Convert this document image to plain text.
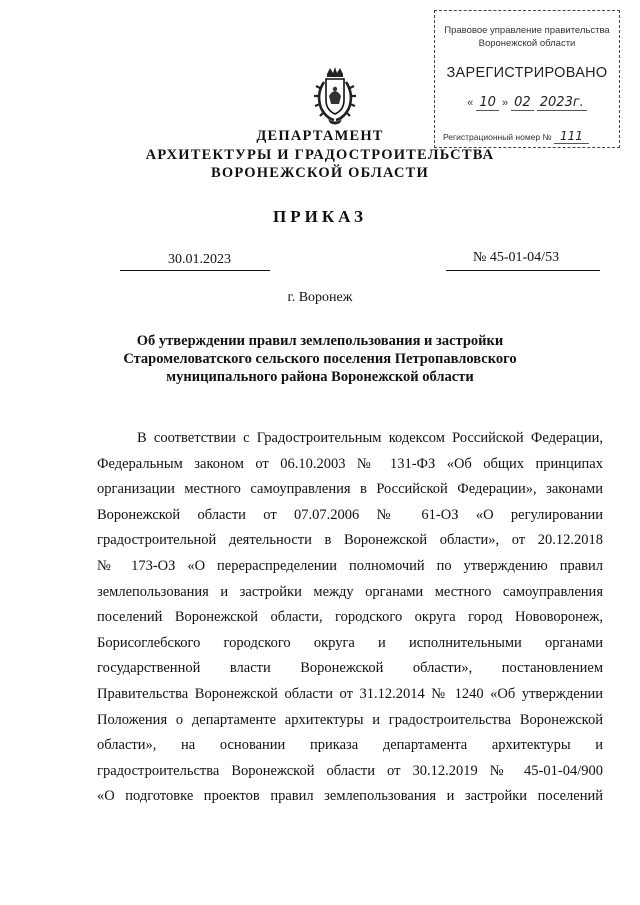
Правовое управление правительства
Воронежской области
ЗАРЕГИСТРИРОВАНО
« 10 » 02 2023г.
Регистрационный номер № 111
ДЕПАРТАМЕНТ
АРХИТЕКТУРЫ И ГРАДОСТРОИТЕЛЬСТВА
ВОРОНЕЖСКОЙ ОБЛАСТИ
ПРИКАЗ
30.01.2023	№ 45-01-04/53
г. Воронеж
Об утверждении правил землепользования и застройки
Старомеловатского сельского поселения Петропавловского
муниципального района Воронежской области
В соответствии с Градостроительным кодексом Российской Федерации,
Федеральным законом от 06.10.2003 № 131-ФЗ «Об общих принципах
организации местного самоуправления в Российской Федерации», законами
Воронежской области от 07.07.2006 № 61-ОЗ «О регулировании
градостроительной деятельности в Воронежской области», от 20.12.2018
№ 173-ОЗ «О перераспределении полномочий по утверждению правил
землепользования и застройки между органами местного самоуправления
поселений Воронежской области, городского округа город Нововоронеж,
Борисоглебского городского округа и исполнительными органами
государственной власти Воронежской области», постановлением
Правительства Воронежской области от 31.12.2014 № 1240 «Об утверждении
Положения о департаменте архитектуры и градостроительства Воронежской
области», на основании приказа департамента архитектуры и
градостроительства Воронежской области от 30.12.2019 № 45-01-04/900
«О подготовке проектов правил землепользования и застройки поселений
